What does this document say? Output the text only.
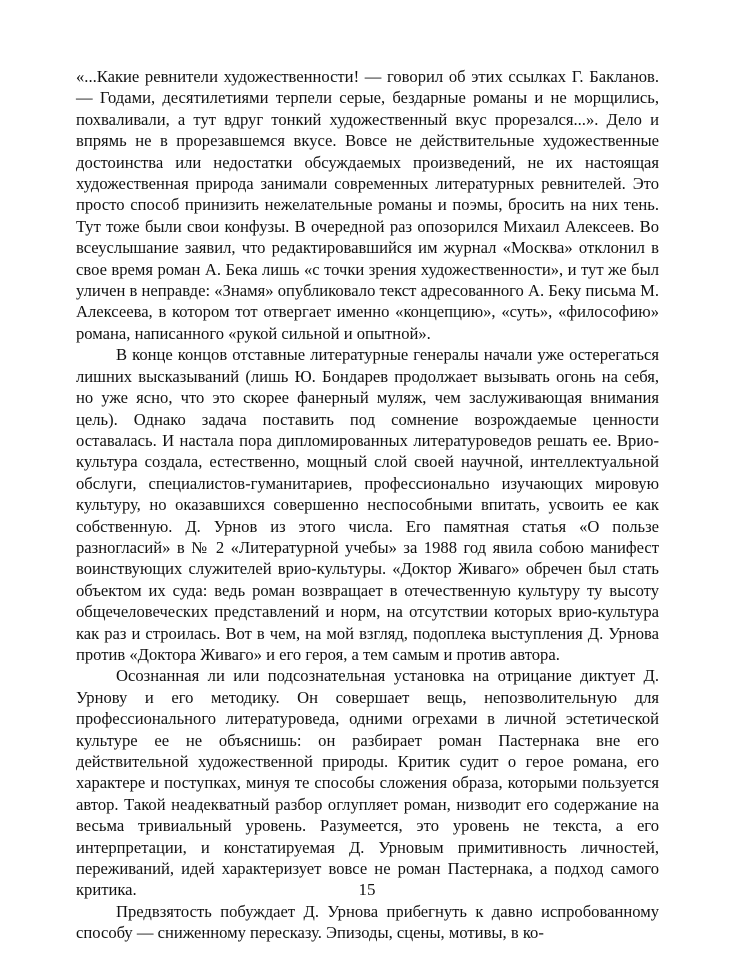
«...Какие ревнители художественности! — говорил об этих ссылках Г. Бакланов. — Годами, десятилетиями терпели серые, бездарные романы и не морщились, похваливали, а тут вдруг тонкий художественный вкус прорезался...». Дело и впрямь не в прорезавшемся вкусе. Вовсе не действительные художественные достоинства или недостатки обсуждаемых произведений, не их настоящая художественная природа занимали современных литературных ревнителей. Это просто способ принизить нежелательные романы и поэмы, бросить на них тень. Тут тоже были свои конфузы. В очередной раз опозорился Михаил Алексеев. Во всеуслышание заявил, что редактировавшийся им журнал «Москва» отклонил в свое время роман А. Бека лишь «с точки зрения художественности», и тут же был уличен в неправде: «Знамя» опубликовало текст адресованного А. Беку письма М. Алексеева, в котором тот отвергает именно «концепцию», «суть», «философию» романа, написанного «рукой сильной и опытной».

В конце концов отставные литературные генералы начали уже остерегаться лишних высказываний (лишь Ю. Бондарев продолжает вызывать огонь на себя, но уже ясно, что это скорее фанерный муляж, чем заслуживающая внимания цель). Однако задача поставить под сомнение возрождаемые ценности оставалась. И настала пора дипломированных литературоведов решать ее. Врио-культура создала, естественно, мощный слой своей научной, интеллектуальной обслуги, специалистов-гуманитариев, профессионально изучающих мировую культуру, но оказавшихся совершенно неспособными впитать, усвоить ее как собственную. Д. Урнов из этого числа. Его памятная статья «О пользе разногласий» в № 2 «Литературной учебы» за 1988 год явила собою манифест воинствующих служителей врио-культуры. «Доктор Живаго» обречен был стать объектом их суда: ведь роман возвращает в отечественную культуру ту высоту общечеловеческих представлений и норм, на отсутствии которых врио-культура как раз и строилась. Вот в чем, на мой взгляд, подоплека выступления Д. Урнова против «Доктора Живаго» и его героя, а тем самым и против автора.

Осознанная ли или подсознательная установка на отрицание диктует Д. Урнову и его методику. Он совершает вещь, непозволительную для профессионального литературоведа, одними огрехами в личной эстетической культуре ее не объяснишь: он разбирает роман Пастернака вне его действительной художественной природы. Критик судит о герое романа, его характере и поступках, минуя те способы сложения образа, которыми пользуется автор. Такой неадекватный разбор оглупляет роман, низводит его содержание на весьма тривиальный уровень. Разумеется, это уровень не текста, а его интерпретации, и констатируемая Д. Урновым примитивность личностей, переживаний, идей характеризует вовсе не роман Пастернака, а подход самого критика.

Предвзятость побуждает Д. Урнова прибегнуть к давно испробованному способу — сниженному пересказу. Эпизоды, сцены, мотивы, в ко-

15
